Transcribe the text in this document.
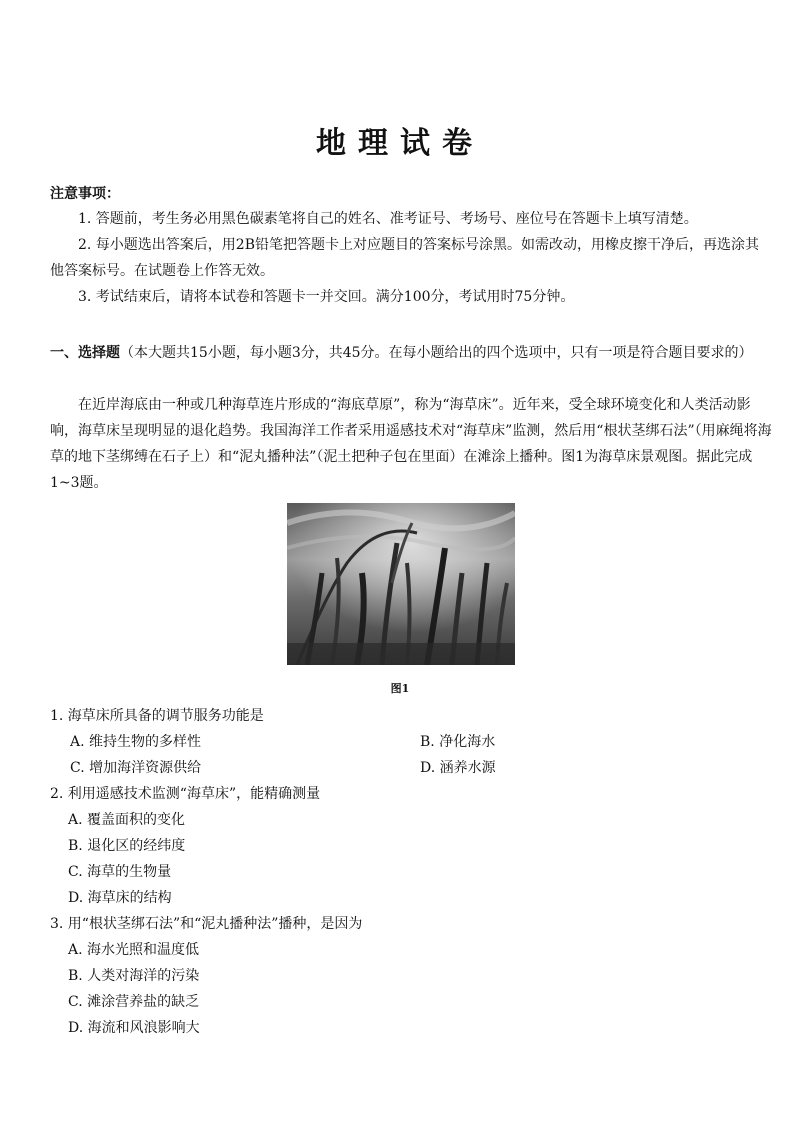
地理试卷
注意事项：
1. 答题前，考生务必用黑色碳素笔将自己的姓名、准考证号、考场号、座位号在答题卡上填写清楚。
2. 每小题选出答案后，用2B铅笔把答题卡上对应题目的答案标号涂黑。如需改动，用橡皮擦干净后，再选涂其他答案标号。在试题卷上作答无效。
3. 考试结束后，请将本试卷和答题卡一并交回。满分100分，考试用时75分钟。
一、选择题（本大题共15小题，每小题3分，共45分。在每小题给出的四个选项中，只有一项是符合题目要求的）
在近岸海底由一种或几种海草连片形成的“海底草原”，称为“海草床”。近年来，受全球环境变化和人类活动影响，海草床呈现明显的退化趋势。我国海洋工作者采用遥感技术对“海草床”监测，然后用“根状茎绑石法”（用麻绳将海草的地下茎绑缚在石子上）和“泥丸播种法”（泥土把种子包在里面）在滩涂上播种。图1为海草床景观图。据此完成1~3题。
图1
1. 海草床所具备的调节服务功能是
A. 维持生物的多样性	B. 净化海水
C. 增加海洋资源供给	D. 涵养水源
2. 利用遥感技术监测“海草床”，能精确测量
A. 覆盖面积的变化
B. 退化区的经纬度
C. 海草的生物量
D. 海草床的结构
3. 用“根状茎绑石法”和“泥丸播种法”播种，是因为
A. 海水光照和温度低
B. 人类对海洋的污染
C. 滩涂营养盐的缺乏
D. 海流和风浪影响大
